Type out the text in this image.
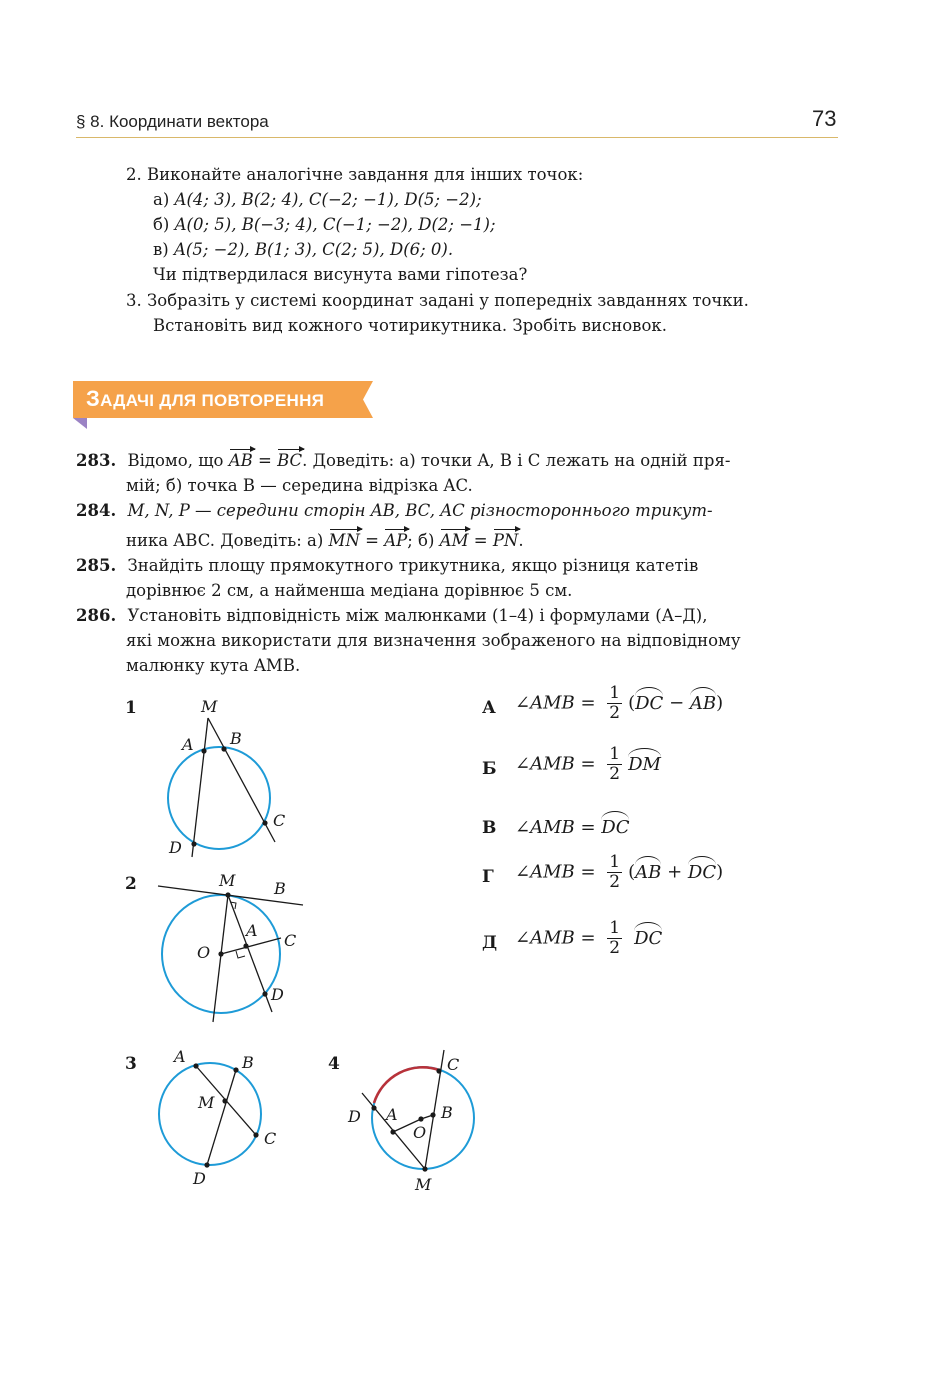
§ 8. Координати вектора	73
2. Виконайте аналогічне завдання для інших точок:
а) A(4; 3), B(2; 4), C(−2; −1), D(5; −2);
б) A(0; 5), B(−3; 4), C(−1; −2), D(2; −1);
в) A(5; −2), B(1; 3), C(2; 5), D(6; 0).
Чи підтвердилася висунута вами гіпотеза?
3. Зобразіть у системі координат задані у попередніх завданнях точки.
Встановіть вид кожного чотирикутника. Зробіть висновок.
ЗАДАЧІ ДЛЯ ПОВТОРЕННЯ
283. Відомо, що AB = BC. Доведіть: а) точки A, B і C лежать на одній пря-
мій; б) точка B — середина відрізка AC.
284. M, N, P — середини сторін AB, BC, AC різностороннього трикут-
ника ABC. Доведіть: а) MN = AP; б) AM = PN.
285. Знайдіть площу прямокутного трикутника, якщо різниця катетів
дорівнює 2 см, а найменша медіана дорівнює 5 см.
286. Установіть відповідність між малюнками (1–4) і формулами (А–Д),
які можна використати для визначення зображеного на відповідному
малюнку кута AMB.
А ∠AMB = $\frac{1}{2} (DC - AB)$
Б ∠AMB = $\frac{1}{2}$ DM
В ∠AMB = DC
Г ∠AMB = $\frac{1}{2} (AB + DC)$
Д ∠AMB = $\frac{1}{2}$ DC
1
2
3	4
M
A B
C
D
M B
A
C
O
D
A	B
M
C
D
C
D A	B
O
M
